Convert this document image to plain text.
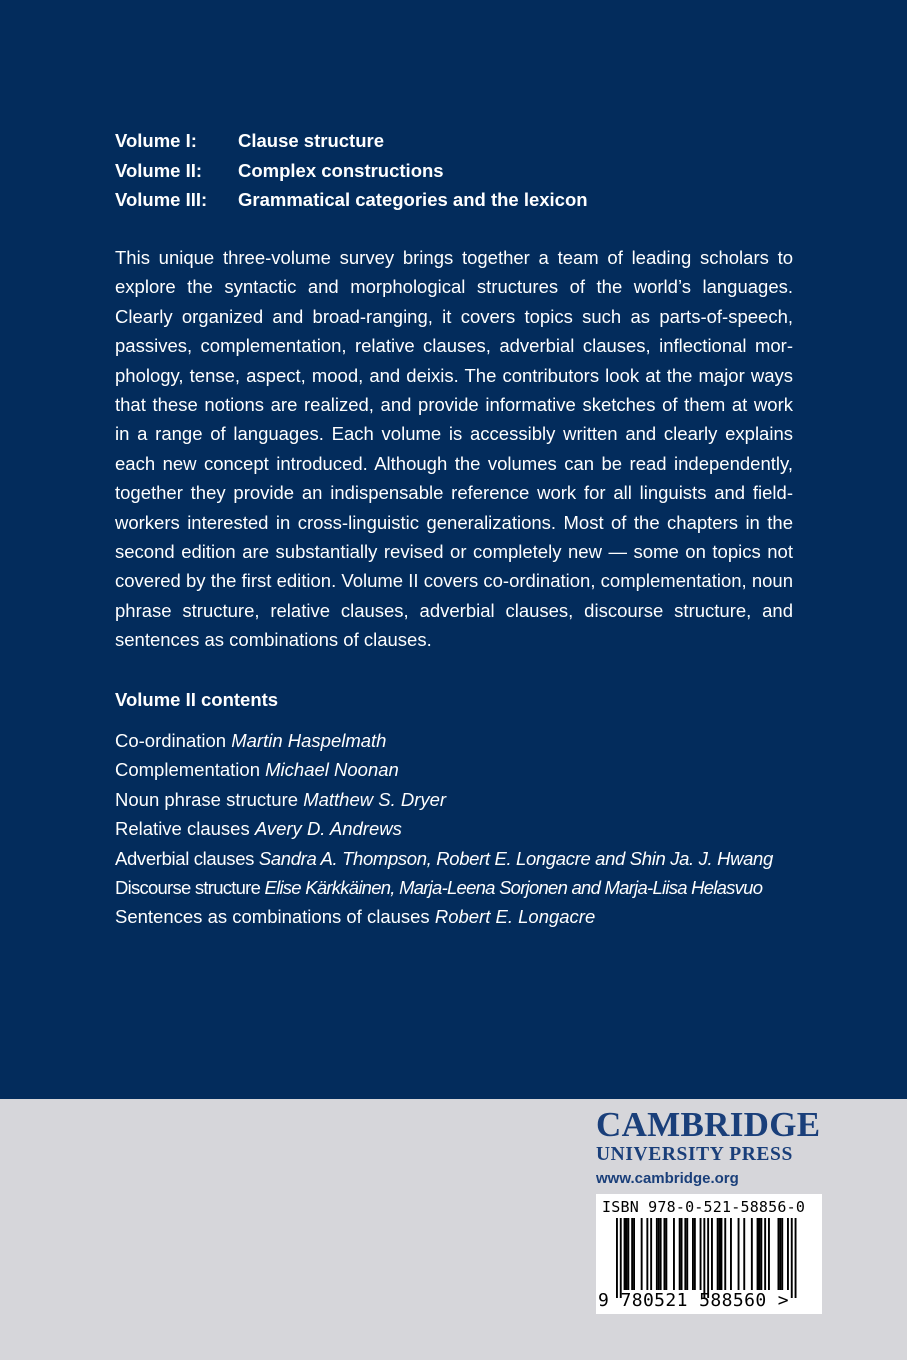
Volume I:	Clause structure
Volume II:	Complex constructions
Volume III:	Grammatical categories and the lexicon

This unique three-volume survey brings together a team of leading scholars to explore the syntactic and morphological structures of the world’s languages. Clearly organized and broad-ranging, it covers topics such as parts-of-speech, passives, complementation, relative clauses, adverbial clauses, inflectional morphology, tense, aspect, mood, and deixis. The contributors look at the major ways that these notions are realized, and provide informative sketches of them at work in a range of languages. Each volume is accessibly written and clearly explains each new concept introduced. Although the volumes can be read independently, together they provide an indispensable reference work for all linguists and fieldworkers interested in cross-linguistic generalizations. Most of the chapters in the second edition are substantially revised or completely new — some on topics not covered by the first edition. Volume II covers co-ordination, complementation, noun phrase structure, relative clauses, adverbial clauses, discourse structure, and sentences as combinations of clauses.

Volume II contents
Co-ordination Martin Haspelmath
Complementation Michael Noonan
Noun phrase structure Matthew S. Dryer
Relative clauses Avery D. Andrews
Adverbial clauses Sandra A. Thompson, Robert E. Longacre and Shin Ja. J. Hwang
Discourse structure Elise Kärkkäinen, Marja-Leena Sorjonen and Marja-Liisa Helasvuo
Sentences as combinations of clauses Robert E. Longacre
CAMBRIDGE
UNIVERSITY PRESS
www.cambridge.org
ISBN 978-0-521-58856-0
9 780521 588560 >
